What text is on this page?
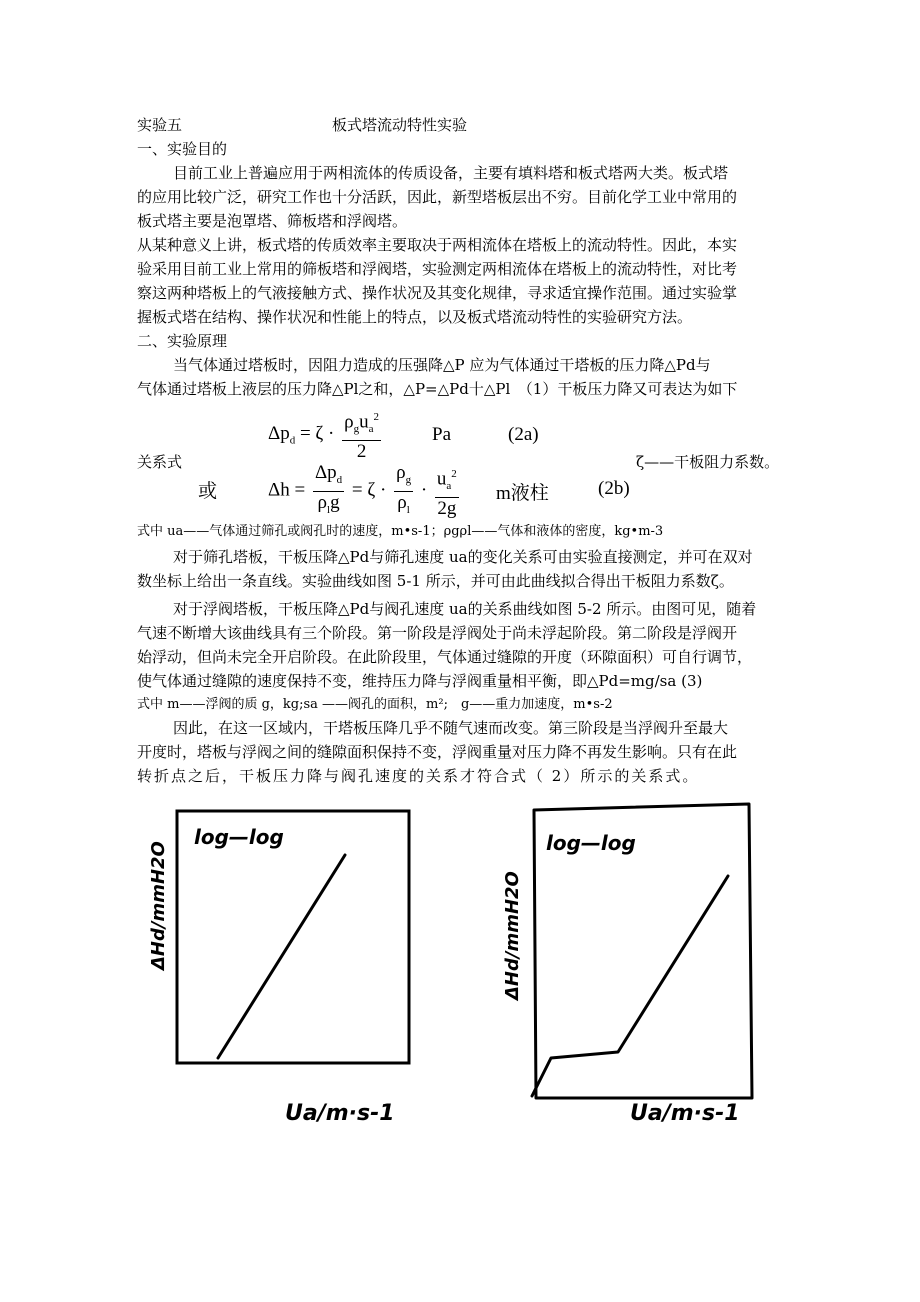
实验五	板式塔流动特性实验
一、实验目的
目前工业上普遍应用于两相流体的传质设备，主要有填料塔和板式塔两大类。板式塔
的应用比较广泛，研究工作也十分活跃，因此，新型塔板层出不穷。目前化学工业中常用的
板式塔主要是泡罩塔、筛板塔和浮阀塔。
从某种意义上讲，板式塔的传质效率主要取决于两相流体在塔板上的流动特性。因此，本实
验采用目前工业上常用的筛板塔和浮阀塔，实验测定两相流体在塔板上的流动特性，对比考
察这两种塔板上的气液接触方式、操作状况及其变化规律，寻求适宜操作范围。通过实验掌
握板式塔在结构、操作状况和性能上的特点，以及板式塔流动特性的实验研究方法。
二、实验原理
当气体通过塔板时，因阻力造成的压强降△P 应为气体通过干塔板的压力降△Pd与
气体通过塔板上液层的压力降△Pl之和，△P=△Pd十△Pl　（1）干板压力降又可表达为如下
$\Delta p_d = \zeta \cdot \frac{\rho_gu_a^2}{2}$	Pa	(2a)
关系式	ζ——干板阻力系数。
或	$\Delta h = \frac{\Delta p_d}{\rho_lg} = \zeta \cdot \frac{\rho_g}{\rho_l} \cdot \frac{u_a^2}{2g}$ m液柱	(2b)
式中 ua——气体通过筛孔或阀孔时的速度，m•s-1；ρgρl——气体和液体的密度，kg•m-3
对于筛孔塔板，干板压降△Pd与筛孔速度 ua的变化关系可由实验直接测定，并可在双对
数坐标上给出一条直线。实验曲线如图 5-1 所示，并可由此曲线拟合得出干板阻力系数ζ。
对于浮阀塔板，干板压降△Pd与阀孔速度 ua的关系曲线如图 5-2 所示。由图可见，随着
气速不断增大该曲线具有三个阶段。第一阶段是浮阀处于尚未浮起阶段。第二阶段是浮阀开
始浮动，但尚未完全开启阶段。在此阶段里，气体通过缝隙的开度（环隙面积）可自行调节，
使气体通过缝隙的速度保持不变，维持压力降与浮阀重量相平衡，即△Pd=mg/sa (3)
式中 m——浮阀的质 g，kg;sa ——阀孔的面积，m²;　g——重力加速度，m•s-2
因此，在这一区域内，干塔板压降几乎不随气速而改变。第三阶段是当浮阀升至最大
开度时，塔板与浮阀之间的缝隙面积保持不变，浮阀重量对压力降不再发生影响。只有在此
转折点之后，干板压力降与阀孔速度的关系才符合式（ 2）所示的关系式。
log—log
ΔHd/mmH2O
Ua/m·s-1
log—log
ΔHd/mmH2O
Ua/m·s-1
